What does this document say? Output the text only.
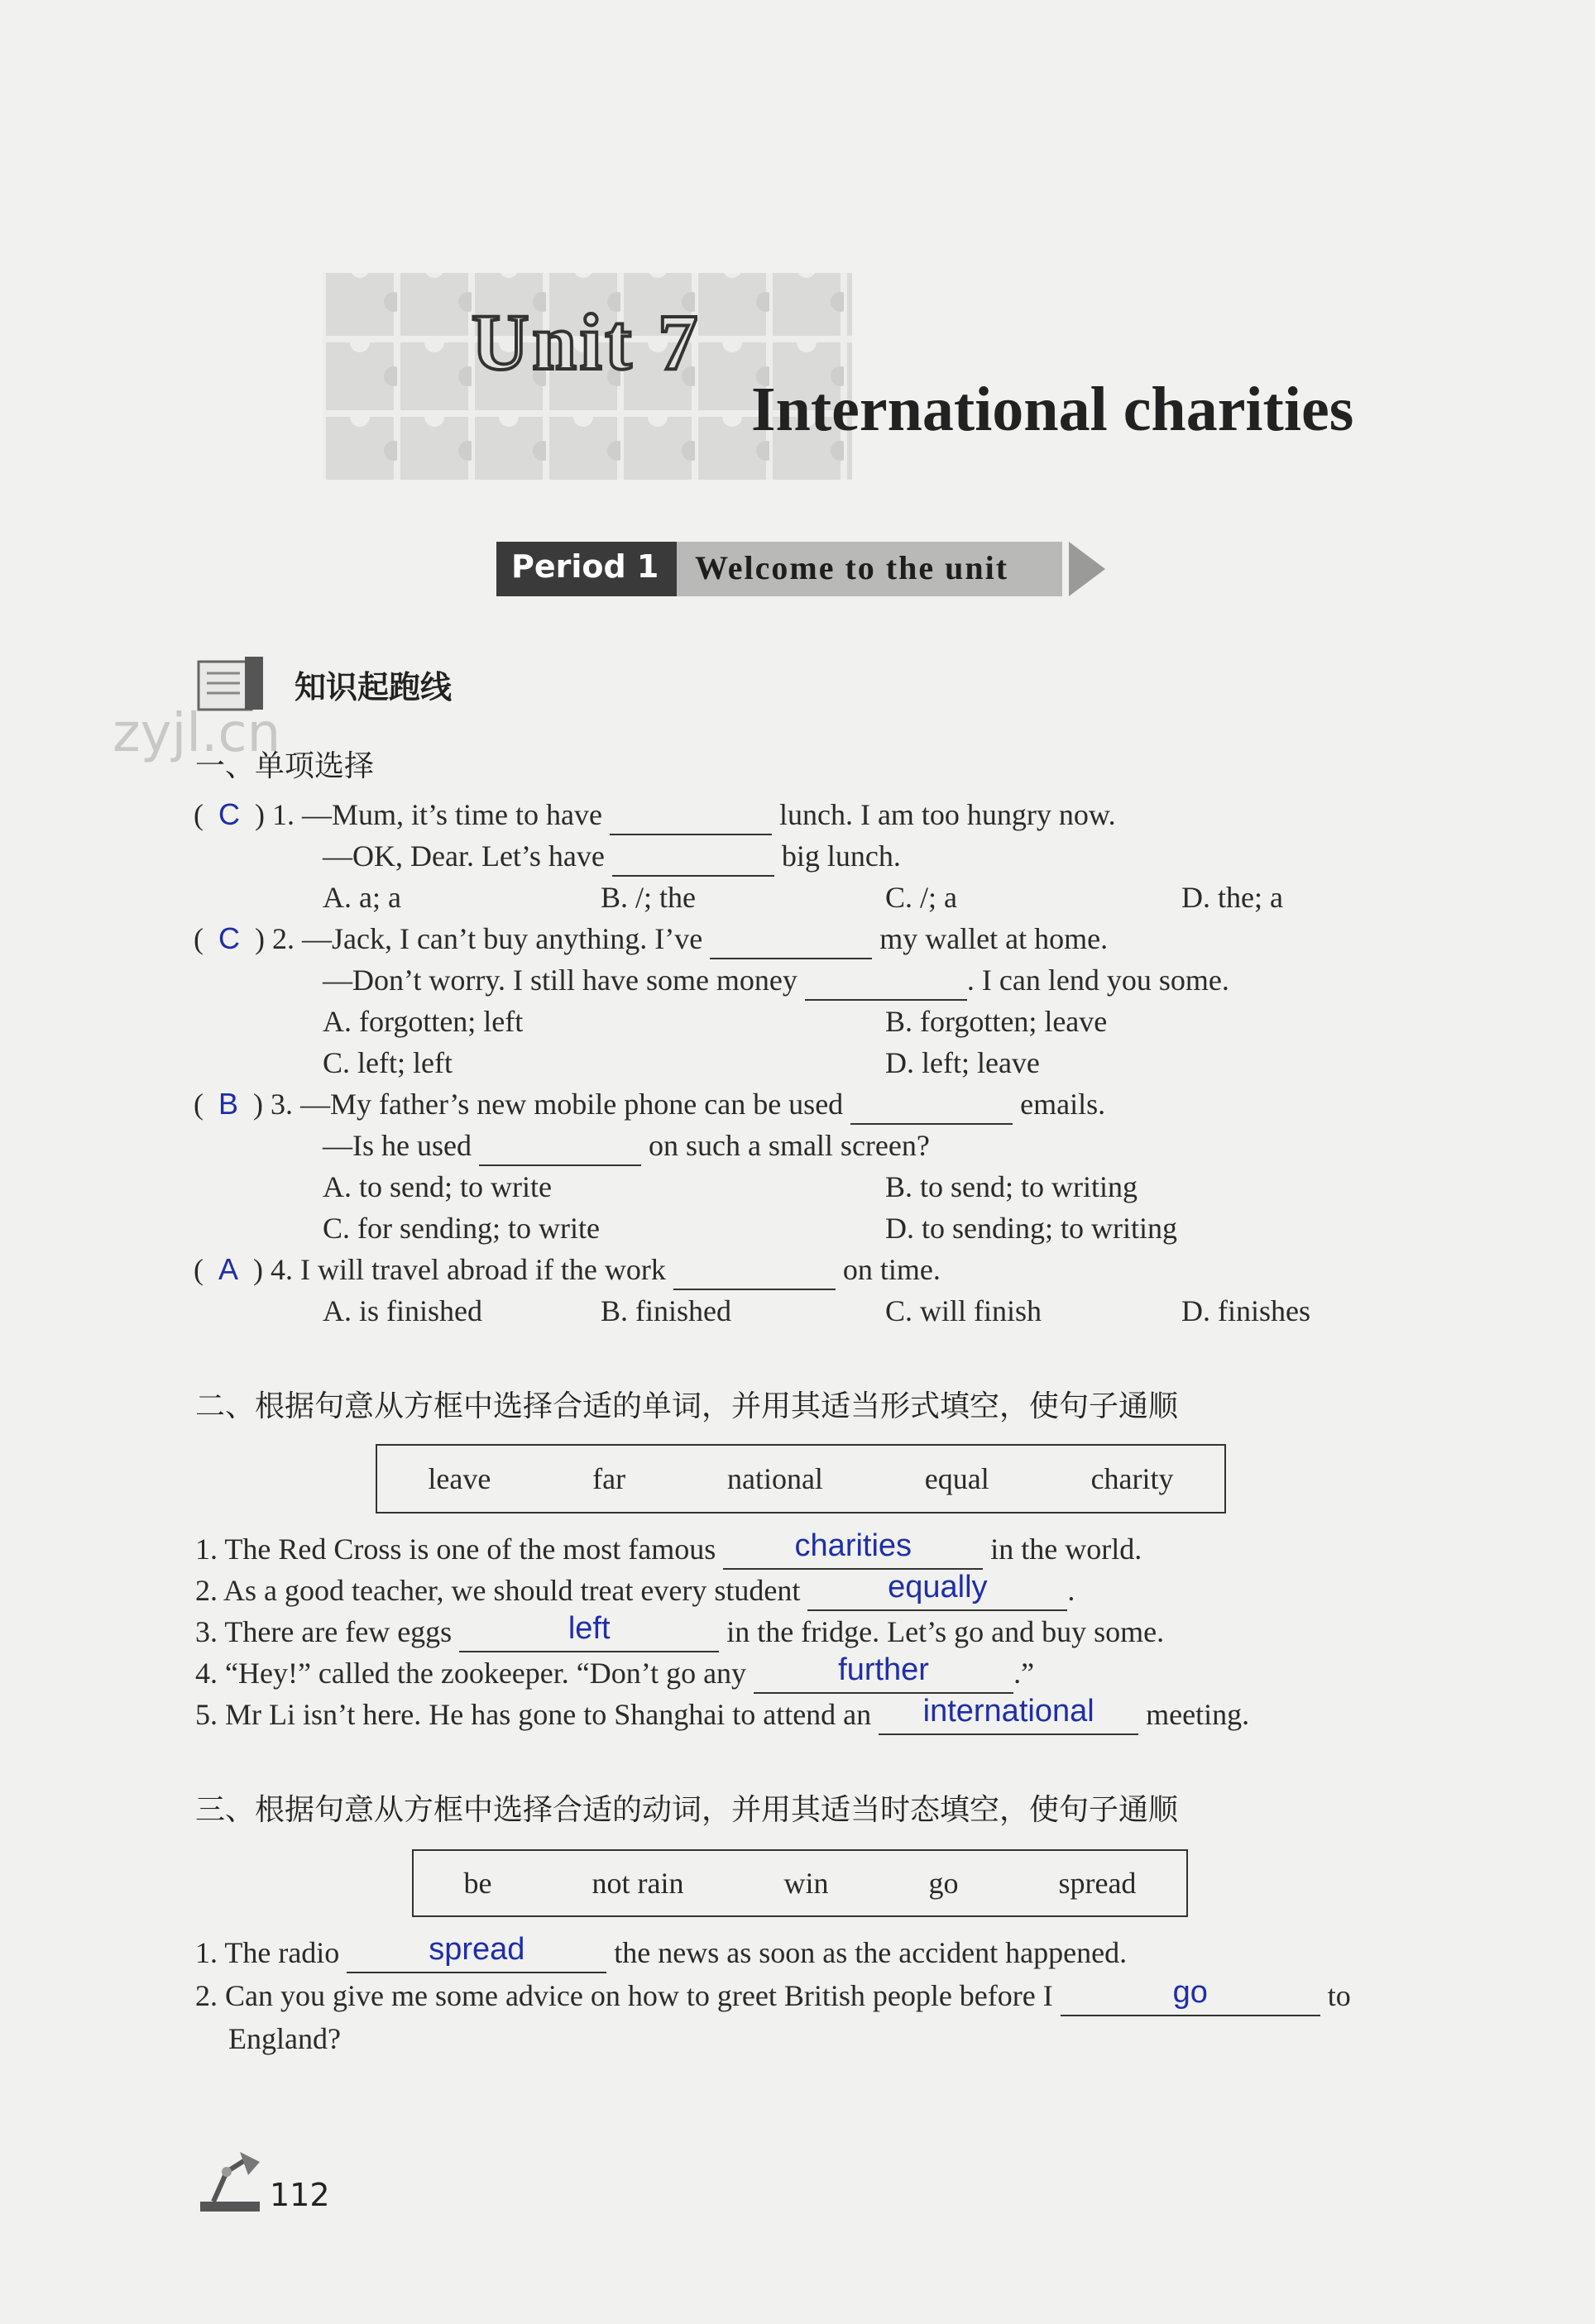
Unit 7
International charities
Period 1 Welcome to the unit
知识起跑线
zyjl.cn
一、单项选择
(  C  ) 1. —Mum, it’s time to have	lunch. I am too hungry now.
—OK, Dear. Let’s have	big lunch.
A. a; a	B. /; the	C. /; a	D. the; a
(  C  ) 2. —Jack, I can’t buy anything. I’ve	my wallet at home.
—Don’t worry. I still have some money	. I can lend you some.
A. forgotten; left	B. forgotten; leave
C. left; left	D. left; leave
(  B  ) 3. —My father’s new mobile phone can be used	emails.
—Is he used	on such a small screen?
A. to send; to write	B. to send; to writing
C. for sending; to write	D. to sending; to writing
(  A  ) 4. I will travel abroad if the work	on time.
A. is finished	B. finished	C. will finish	D. finishes
二、根据句意从方框中选择合适的单词，并用其适当形式填空，使句子通顺
leave	far	national	equal	charity
1. The Red Cross is one of the most famous	charities	in the world.
2. As a good teacher, we should treat every student	equally	.
3. There are few eggs	left	in the fridge. Let’s go and buy some.
4. “Hey!” called the zookeeper. “Don’t go any	further	.”
5. Mr Li isn’t here. He has gone to Shanghai to attend an	international	meeting.
三、根据句意从方框中选择合适的动词，并用其适当时态填空，使句子通顺
be	not rain	win	go	spread
1. The radio	spread	the news as soon as the accident happened.
2. Can you give me some advice on how to greet British people before I	go	to
England?
112
